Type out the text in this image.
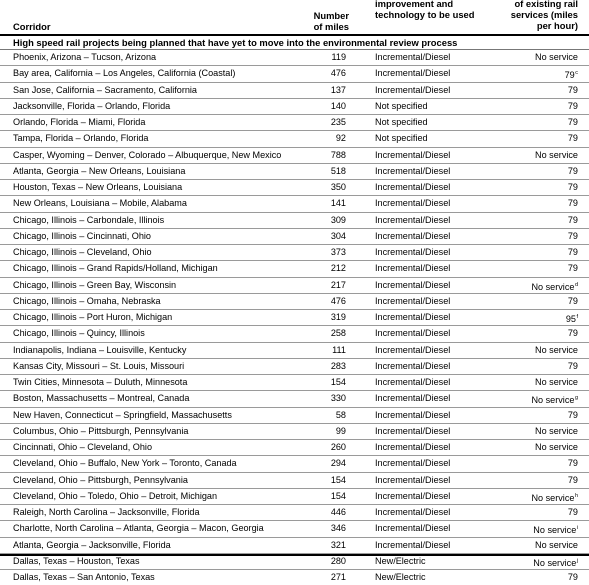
Corridor
Number of miles
improvement and technology to be used
of existing rail services (miles per hour)
High speed rail projects being planned that have yet to move into the environmental review process
Phoenix, Arizona – Tucson, Arizona	119	Incremental/Diesel	No service
Bay area, California – Los Angeles, California (Coastal)	476	Incremental/Diesel	79$^c$
San Jose, California – Sacramento, California	137	Incremental/Diesel	79
Jacksonville, Florida – Orlando, Florida	140	Not specified	79
Orlando, Florida – Miami, Florida	235	Not specified	79
Tampa, Florida – Orlando, Florida	92	Not specified	79
Casper, Wyoming – Denver, Colorado – Albuquerque, New Mexico	788	Incremental/Diesel	No service
Atlanta, Georgia – New Orleans, Louisiana	518	Incremental/Diesel	79
Houston, Texas – New Orleans, Louisiana	350	Incremental/Diesel	79
New Orleans, Louisiana – Mobile, Alabama	141	Incremental/Diesel	79
Chicago, Illinois – Carbondale, Illinois	309	Incremental/Diesel	79
Chicago, Illinois – Cincinnati, Ohio	304	Incremental/Diesel	79
Chicago, Illinois – Cleveland, Ohio	373	Incremental/Diesel	79
Chicago, Illinois – Grand Rapids/Holland, Michigan	212	Incremental/Diesel	79
Chicago, Illinois – Green Bay, Wisconsin	217	Incremental/Diesel	No service$^d$
Chicago, Illinois – Omaha, Nebraska	476	Incremental/Diesel	79
Chicago, Illinois – Port Huron, Michigan	319	Incremental/Diesel	95$^f$
Chicago, Illinois – Quincy, Illinois	258	Incremental/Diesel	79
Indianapolis, Indiana – Louisville, Kentucky	111	Incremental/Diesel	No service
Kansas City, Missouri – St. Louis, Missouri	283	Incremental/Diesel	79
Twin Cities, Minnesota – Duluth, Minnesota	154	Incremental/Diesel	No service
Boston, Massachusetts – Montreal, Canada	330	Incremental/Diesel	No service$^g$
New Haven, Connecticut – Springfield, Massachusetts	58	Incremental/Diesel	79
Columbus, Ohio – Pittsburgh, Pennsylvania	99	Incremental/Diesel	No service
Cincinnati, Ohio – Cleveland, Ohio	260	Incremental/Diesel	No service
Cleveland, Ohio – Buffalo, New York – Toronto, Canada	294	Incremental/Diesel	79
Cleveland, Ohio – Pittsburgh, Pennsylvania	154	Incremental/Diesel	79
Cleveland, Ohio – Toledo, Ohio – Detroit, Michigan	154	Incremental/Diesel	No service$^h$
Raleigh, North Carolina – Jacksonville, Florida	446	Incremental/Diesel	79
Charlotte, North Carolina – Atlanta, Georgia – Macon, Georgia	346	Incremental/Diesel	No service$^i$
Atlanta, Georgia – Jacksonville, Florida	321	Incremental/Diesel	No service
Dallas, Texas – Houston, Texas	280	New/Electric	No service$^j$
Dallas, Texas – San Antonio, Texas	271	New/Electric	79
